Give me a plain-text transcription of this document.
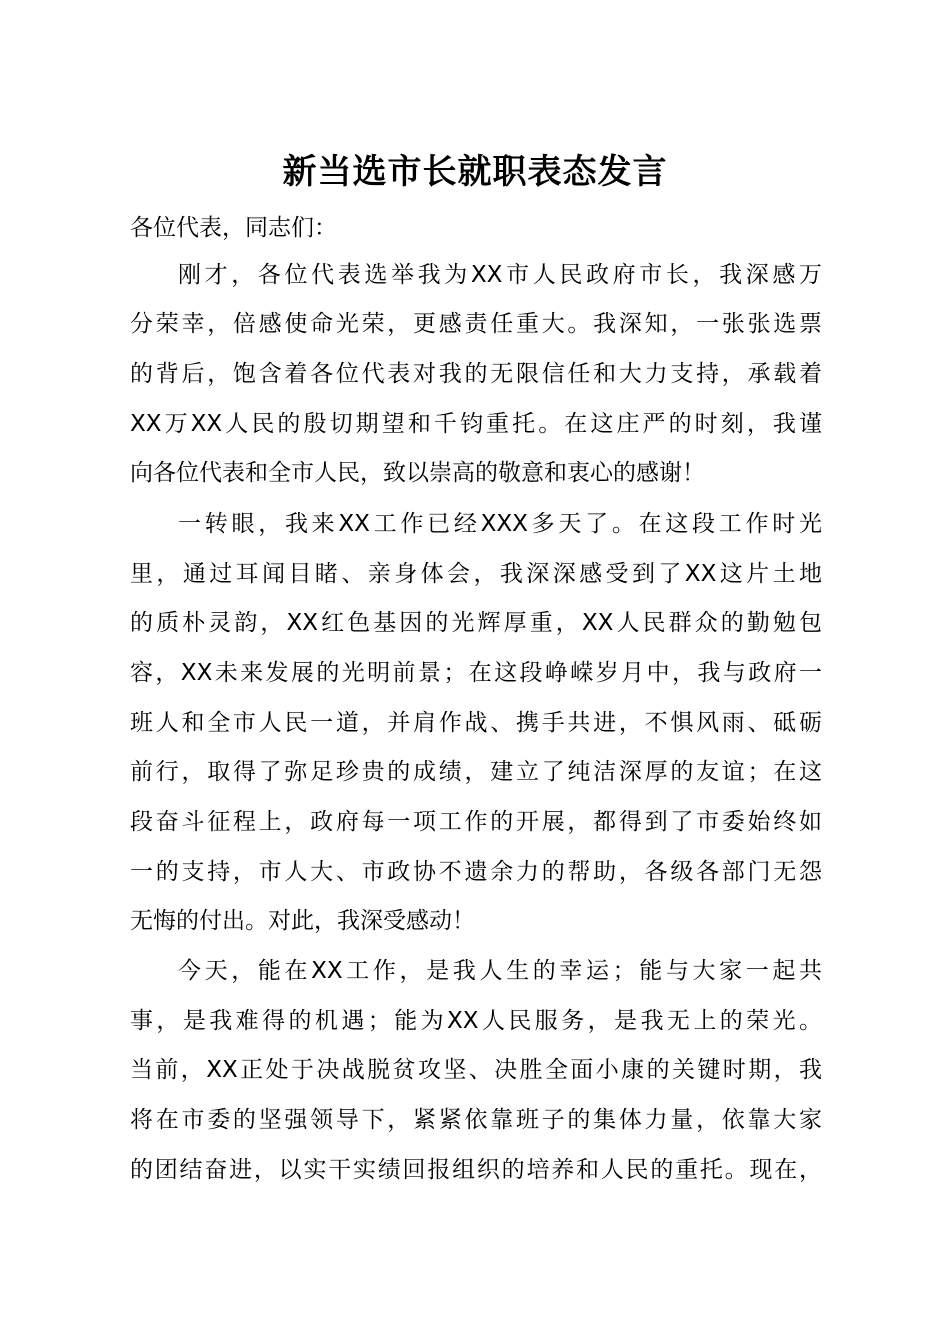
新当选市长就职表态发言
各位代表，同志们：
刚才，各位代表选举我为XX市人民政府市长，我深感万
分荣幸，倍感使命光荣，更感责任重大。我深知，一张张选票
的背后，饱含着各位代表对我的无限信任和大力支持，承载着
XX万XX人民的殷切期望和千钧重托。在这庄严的时刻，我谨
向各位代表和全市人民，致以崇高的敬意和衷心的感谢！
一转眼，我来XX工作已经XXX多天了。在这段工作时光
里，通过耳闻目睹、亲身体会，我深深感受到了XX这片土地
的质朴灵韵，XX红色基因的光辉厚重，XX人民群众的勤勉包
容，XX未来发展的光明前景；在这段峥嵘岁月中，我与政府一
班人和全市人民一道，并肩作战、携手共进，不惧风雨、砥砺
前行，取得了弥足珍贵的成绩，建立了纯洁深厚的友谊；在这
段奋斗征程上，政府每一项工作的开展，都得到了市委始终如
一的支持，市人大、市政协不遗余力的帮助，各级各部门无怨
无悔的付出。对此，我深受感动！
今天，能在XX工作，是我人生的幸运；能与大家一起共
事，是我难得的机遇；能为XX人民服务，是我无上的荣光。
当前，XX正处于决战脱贫攻坚、决胜全面小康的关键时期，我
将在市委的坚强领导下，紧紧依靠班子的集体力量，依靠大家
的团结奋进，以实干实绩回报组织的培养和人民的重托。现在，
